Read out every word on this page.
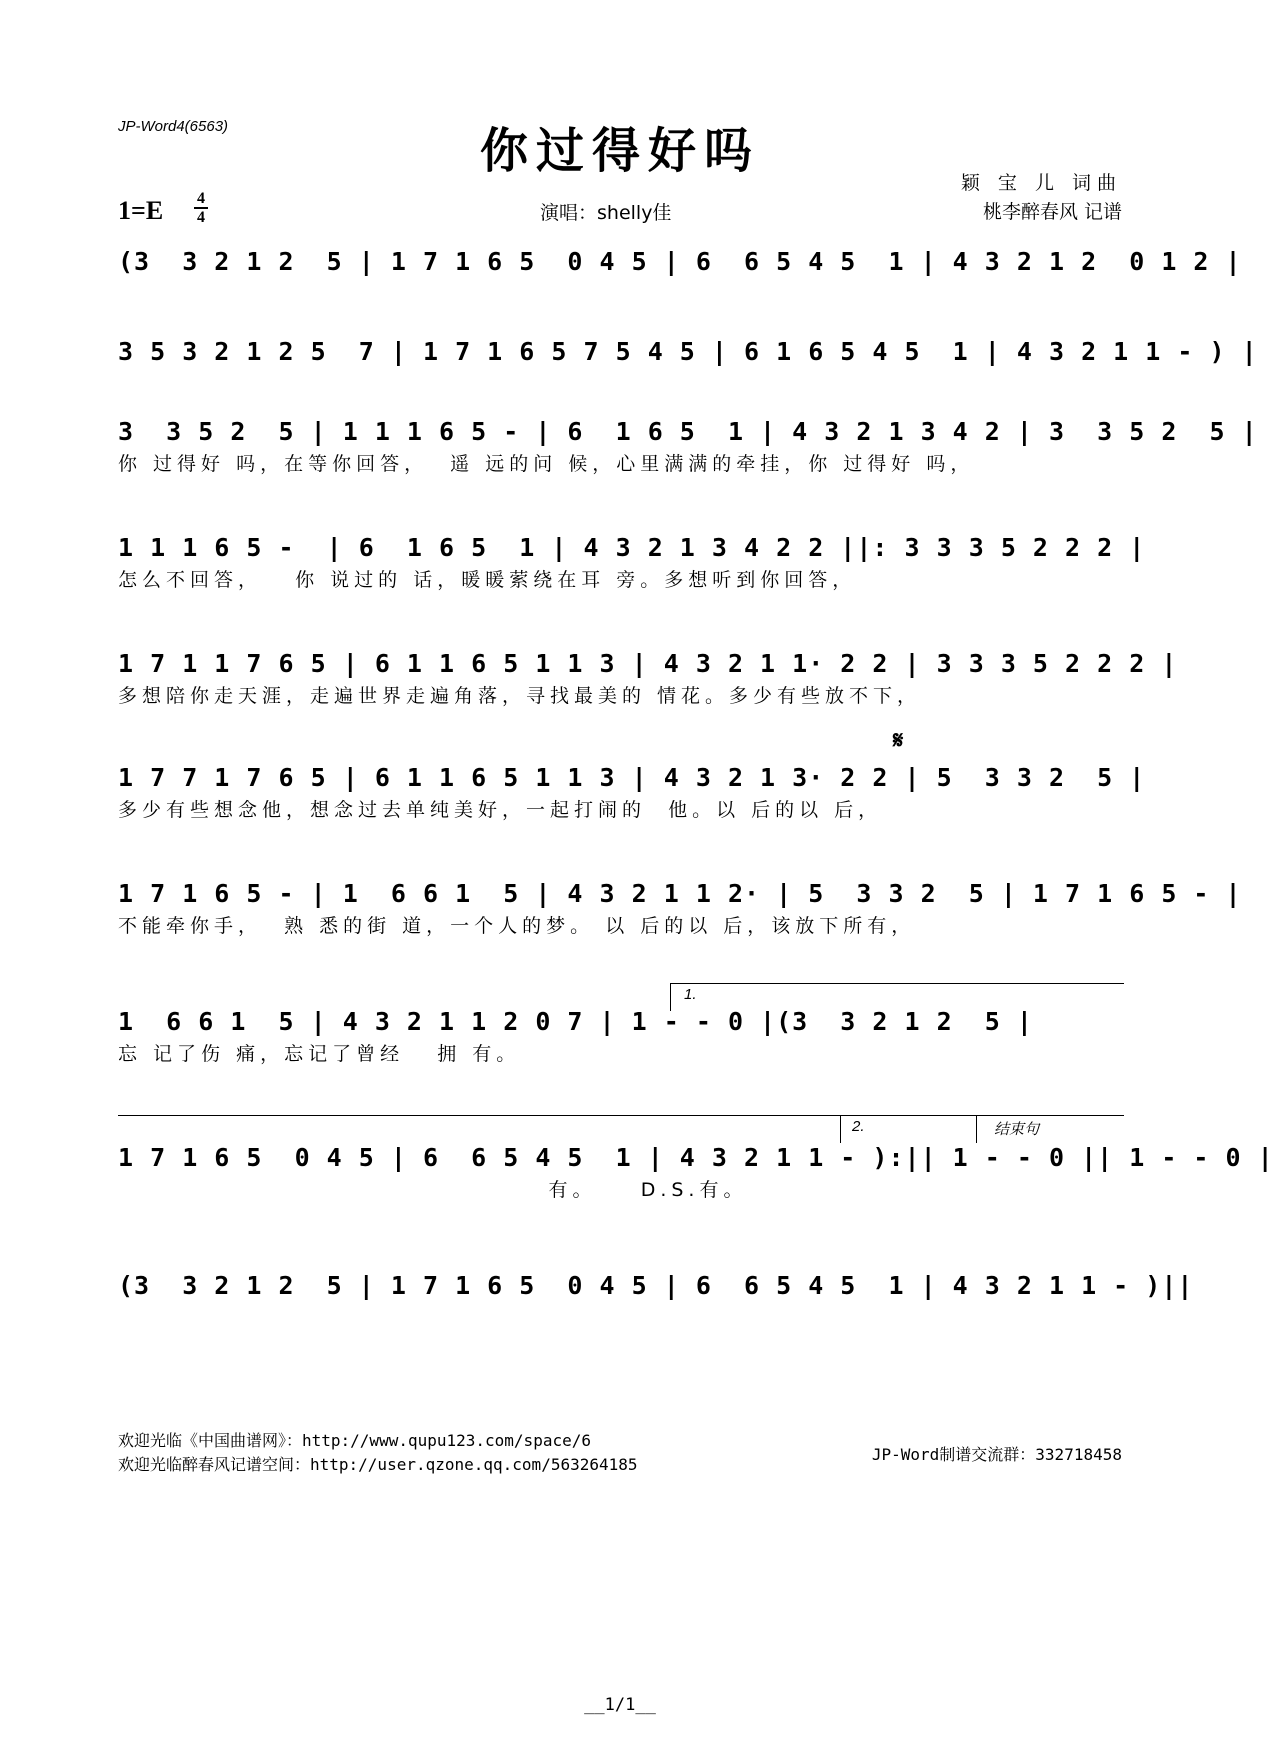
JP-Word4(6563)	你过得好吗
1=E 4
4	演唱：shelly佳
颖 宝 儿 词曲
桃李醉春风 记谱
(3  3 2 1 2  5 | 1 7 1 6 5  0 4 5 | 6  6 5 4 5  1 | 4 3 2 1 2  0 1 2 |
3 5 3 2 1 2 5  7 | 1 7 1 6 5 7 5 4 5 | 6 1 6 5 4 5  1 | 4 3 2 1 1 - ) |
3  3 5 2  5 | 1 1 1 6 5 - | 6  1 6 5  1 | 4 3 2 1 3 4 2 | 3  3 5 2  5 |
你 过得好 吗，在等你回答，  遥 远的问 候，心里满满的牵挂，你 过得好 吗，
1 1 1 6 5 -  | 6  1 6 5  1 | 4 3 2 1 3 4 2 2 ||: 3 3 3 5 2 2 2 |
怎么不回答，   你 说过的 话，暖暖萦绕在耳 旁。多想听到你回答，
1 7 1 1 7 6 5 | 6 1 1 6 5 1 1 3 | 4 3 2 1 1· 2 2 | 3 3 3 5 2 2 2 |
多想陪你走天涯，走遍世界走遍角落，寻找最美的 情花。多少有些放不下，
𝄋
1 7 7 1 7 6 5 | 6 1 1 6 5 1 1 3 | 4 3 2 1 3· 2 2 | 5  3 3 2  5 |
多少有些想念他，想念过去单纯美好，一起打闹的  他。以 后的以 后，
1 7 1 6 5 - | 1  6 6 1  5 | 4 3 2 1 1 2· | 5  3 3 2  5 | 1 7 1 6 5 - |
不能牵你手，  熟 悉的街 道，一个人的梦。 以 后的以 后，该放下所有，
1.
1  6 6 1  5 | 4 3 2 1 1 2 0 7 | 1 - - 0 |(3  3 2 1 2  5 |
忘 记了伤 痛，忘记了曾经   拥 有。
2.	结束句
1 7 1 6 5  0 4 5 | 6  6 5 4 5  1 | 4 3 2 1 1 - ):|| 1 - - 0 || 1 - - 0 |
有。    D.S.有。
(3  3 2 1 2  5 | 1 7 1 6 5  0 4 5 | 6  6 5 4 5  1 | 4 3 2 1 1 - )||
欢迎光临《中国曲谱网》：http://www.qupu123.com/space/6
欢迎光临醉春风记谱空间：http://user.qzone.qq.com/563264185
JP-Word制谱交流群：332718458
__1/1__
